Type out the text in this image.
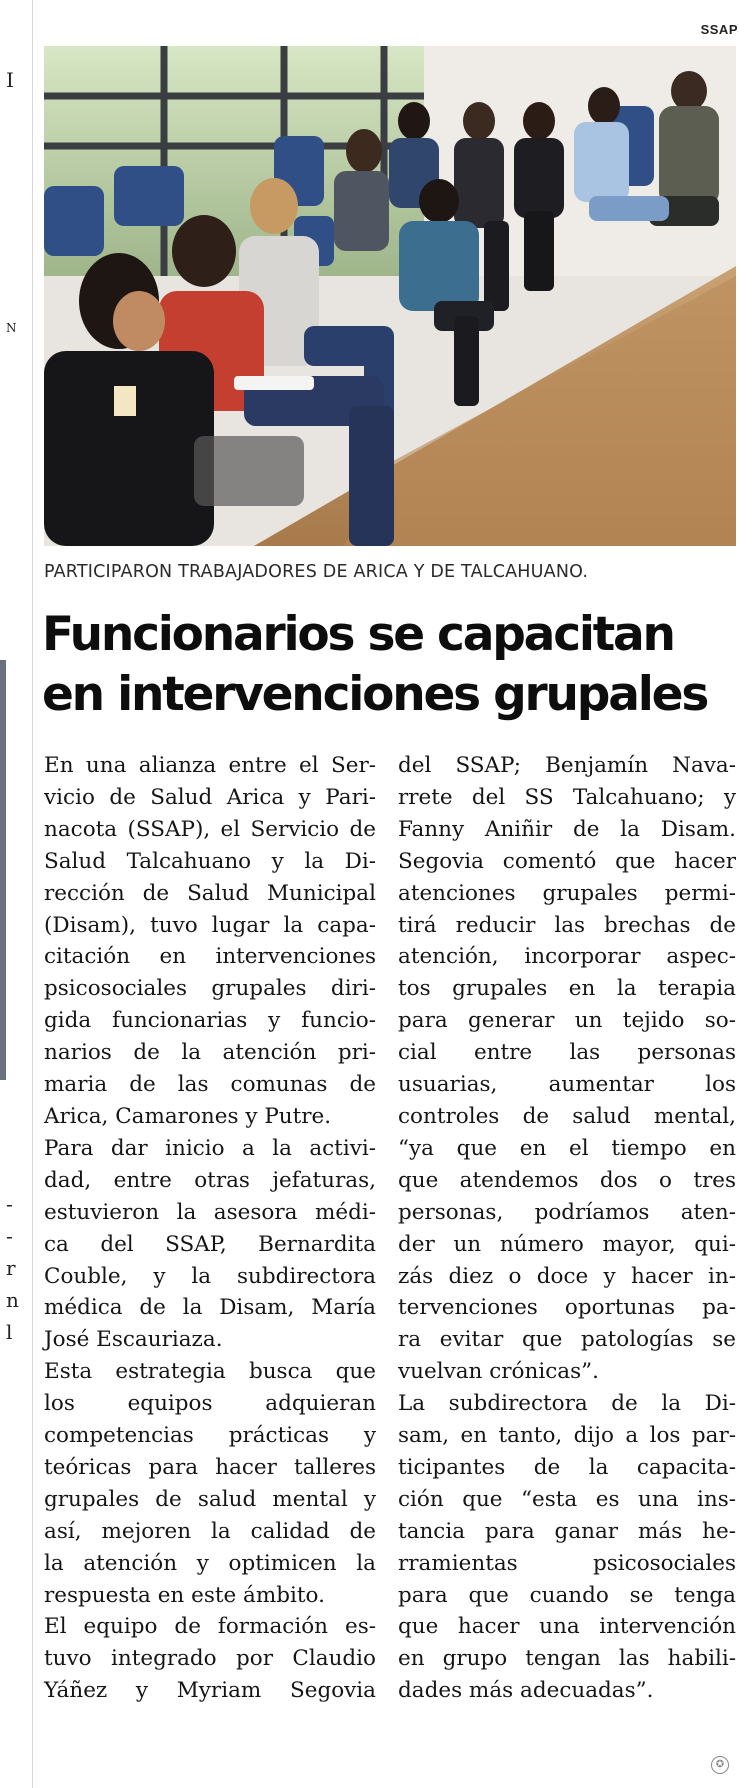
I
N
-
-
r
n
l
SSAP
PARTICIPARON TRABAJADORES DE ARICA Y DE TALCAHUANO.
Funcionarios se capacitan
en intervenciones grupales
En una alianza entre el Ser-
vicio de Salud Arica y Pari-
nacota (SSAP), el Servicio de
Salud Talcahuano y la Di-
rección de Salud Municipal
(Disam), tuvo lugar la capa-
citación en intervenciones
psicosociales grupales diri-
gida funcionarias y funcio-
narios de la atención pri-
maria de las comunas de
Arica, Camarones y Putre.
Para dar inicio a la activi-
dad, entre otras jefaturas,
estuvieron la asesora médi-
ca del SSAP, Bernardita
Couble, y la subdirectora
médica de la Disam, María
José Escauriaza.
Esta estrategia busca que
los equipos adquieran
competencias prácticas y
teóricas para hacer talleres
grupales de salud mental y
así, mejoren la calidad de
la atención y optimicen la
respuesta en este ámbito.
El equipo de formación es-
tuvo integrado por Claudio
Yáñez y Myriam Segovia
del SSAP; Benjamín Nava-
rrete del SS Talcahuano; y
Fanny Aniñir de la Disam.
Segovia comentó que hacer
atenciones grupales permi-
tirá reducir las brechas de
atención, incorporar aspec-
tos grupales en la terapia
para generar un tejido so-
cial entre las personas
usuarias, aumentar los
controles de salud mental,
“ya que en el tiempo en
que atendemos dos o tres
personas, podríamos aten-
der un número mayor, qui-
zás diez o doce y hacer in-
tervenciones oportunas pa-
ra evitar que patologías se
vuelvan crónicas”.
La subdirectora de la Di-
sam, en tanto, dijo a los par-
ticipantes de la capacita-
ción que “esta es una ins-
tancia para ganar más he-
rramientas psicosociales
para que cuando se tenga
que hacer una intervención
en grupo tengan las habili-
dades más adecuadas”.
✪
